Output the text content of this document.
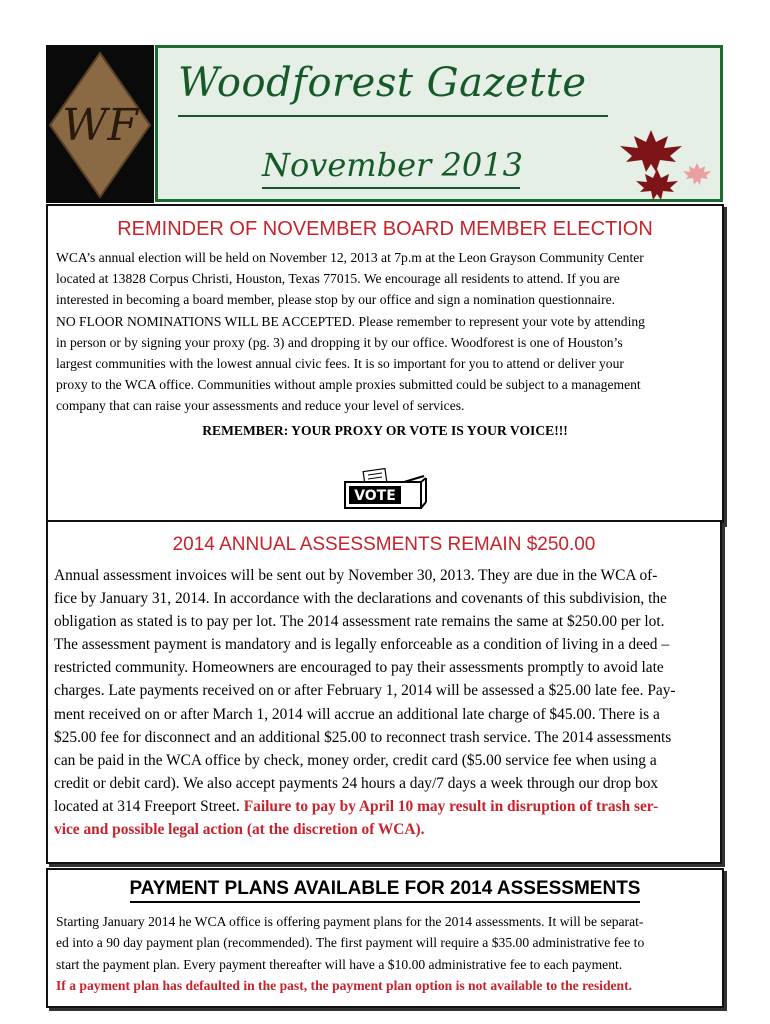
WF
Woodforest Gazette
November 2013
REMINDER OF NOVEMBER BOARD MEMBER ELECTION
WCA’s annual election will be held on November 12, 2013 at 7p.m at the Leon Grayson Community Center
located at 13828 Corpus Christi, Houston, Texas 77015. We encourage all residents to attend. If you are
interested in becoming a board member, please stop by our office and sign a nomination questionnaire.
NO FLOOR NOMINATIONS WILL BE ACCEPTED. Please remember to represent your vote by attending
in person or by signing your proxy (pg. 3) and dropping it by our office. Woodforest is one of Houston’s
largest communities with the lowest annual civic fees. It is so important for you to attend or deliver your
proxy to the WCA office. Communities without ample proxies submitted could be subject to a management
company that can raise your assessments and reduce your level of services.
REMEMBER: YOUR PROXY OR VOTE IS YOUR VOICE!!!
VOTE
2014 ANNUAL ASSESSMENTS REMAIN $250.00
Annual assessment invoices will be sent out by November 30, 2013. They are due in the WCA of-
fice by January 31, 2014. In accordance with the declarations and covenants of this subdivision, the
obligation as stated is to pay per lot. The 2014 assessment rate remains the same at $250.00 per lot.
The assessment payment is mandatory and is legally enforceable as a condition of living in a deed –
restricted community. Homeowners are encouraged to pay their assessments promptly to avoid late
charges. Late payments received on or after February 1, 2014 will be assessed a $25.00 late fee. Pay-
ment received on or after March 1, 2014 will accrue an additional late charge of $45.00. There is a
$25.00 fee for disconnect and an additional $25.00 to reconnect trash service. The 2014 assessments
can be paid in the WCA office by check, money order, credit card ($5.00 service fee when using a
credit or debit card). We also accept payments 24 hours a day/7 days a week through our drop box
located at 314 Freeport Street. Failure to pay by April 10 may result in disruption of trash ser-
vice and possible legal action (at the discretion of WCA).
PAYMENT PLANS AVAILABLE FOR 2014 ASSESSMENTS
Starting January 2014 he WCA office is offering payment plans for the 2014 assessments. It will be separat-
ed into a 90 day payment plan (recommended). The first payment will require a $35.00 administrative fee to
start the payment plan. Every payment thereafter will have a $10.00 administrative fee to each payment.
If a payment plan has defaulted in the past, the payment plan option is not available to the resident.
